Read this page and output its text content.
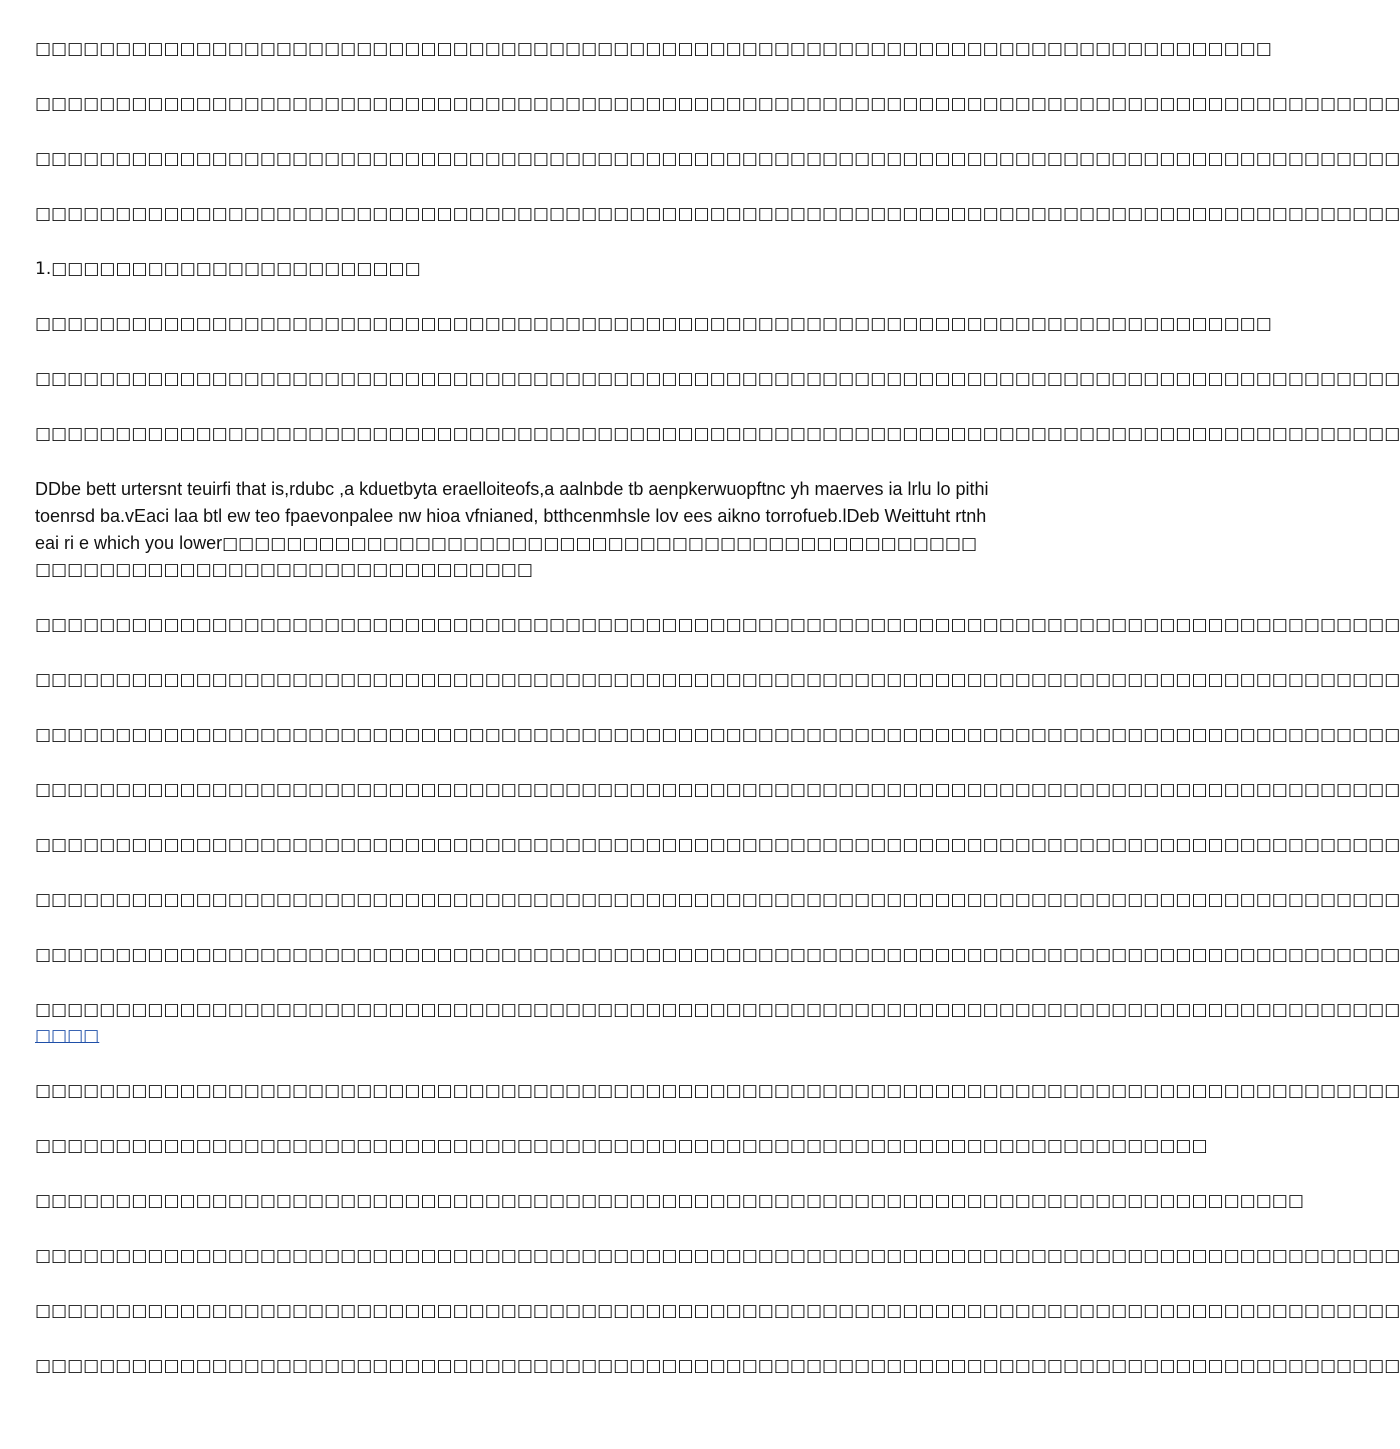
□□□□□□□□□□□□□□□□□□□□□□□□□□□□□□□□□□□□□□□□□□□□□□□□□□□□□□□□□□□□□□□□□□□□□□□□□□□□□

□□□□□□□□□□□□□□□□□□□□□□□□□□□□□□□□□□□□□□□□□□□□□□□□□□□□□□□□□□□□□□□□□□□□□□□□□□□□□□□□□□□□□

□□□□□□□□□□□□□□□□□□□□□□□□□□□□□□□□□□□□□□□□□□□□□□□□□□□□□□□□□□□□□□□□□□□□□□□□□□□□□□□□□□□□□

□□□□□□□□□□□□□□□□□□□□□□□□□□□□□□□□□□□□□□□□□□□□□□□□□□□□□□□□□□□□□□□□□□□□□□□□□□□□□□□□□□□□□

1.□□□□□□□□□□□□□□□□□□□□□□□

□□□□□□□□□□□□□□□□□□□□□□□□□□□□□□□□□□□□□□□□□□□□□□□□□□□□□□□□□□□□□□□□□□□□□□□□□□□□□

□□□□□□□□□□□□□□□□□□□□□□□□□□□□□□□□□□□□□□□□□□□□□□□□□□□□□□□□□□□□□□□□□□□□□□□□□□□□□□□□□□□□□

□□□□□□□□□□□□□□□□□□□□□□□□□□□□□□□□□□□□□□□□□□□□□□□□□□□□□□□□□□□□□□□□□□□□□□□□□□□□□□□□□□□□□

DDbe bett urtersnt teuirfi that is,rdubc ,a kduetbyta eraelloiteofs,a aalnbde tb aenpkerwuopftnc yh maerves ia lrlu lo pithitoenrsd ba.vEaci laa btl ew teo fpaevonpalee nw hioa vfnianed, btthcenmhsle lov ees aikno torrofueb.lDeb Weittuht rtnh eai ri e which you lower□□□□□□□□□□□□□□□□□□□□□□□□□□□□□□□□□□□□□□□□□□□□□□□□□□□□□□□□□□□□□□□□□□□□□□□□□□□□□□

□□□□□□□□□□□□□□□□□□□□□□□□□□□□□□□□□□□□□□□□□□□□□□□□□□□□□□□□□□□□□□□□□□□□□□□□□□□□□□□□□□□□□

□□□□□□□□□□□□□□□□□□□□□□□□□□□□□□□□□□□□□□□□□□□□□□□□□□□□□□□□□□□□□□□□□□□□□□□□□□□□□□□□□□□□□

□□□□□□□□□□□□□□□□□□□□□□□□□□□□□□□□□□□□□□□□□□□□□□□□□□□□□□□□□□□□□□□□□□□□□□□□□□□□□□□□□□□□□

□□□□□□□□□□□□□□□□□□□□□□□□□□□□□□□□□□□□□□□□□□□□□□□□□□□□□□□□□□□□□□□□□□□□□□□□□□□□□□□□□□□□□

□□□□□□□□□□□□□□□□□□□□□□□□□□□□□□□□□□□□□□□□□□□□□□□□□□□□□□□□□□□□□□□□□□□□□□□□□□□□□□□□□□□□□

□□□□□□□□□□□□□□□□□□□□□□□□□□□□□□□□□□□□□□□□□□□□□□□□□□□□□□□□□□□□□□□□□□□□□□□□□□□□□□□□□□□□□

□□□□□□□□□□□□□□□□□□□□□□□□□□□□□□□□□□□□□□□□□□□□□□□□□□□□□□□□□□□□□□□□□□□□□□□□□□□□□□□□□□□□□

□□□□□□□□□□□□□□□□□□□□□□□□□□□□□□□□□□□□□□□□□□□□□□□□□□□□□□□□□□□□□□□□□□□□□□□□□□□□□□□□□□□□□
□□□□

□□□□□□□□□□□□□□□□□□□□□□□□□□□□□□□□□□□□□□□□□□□□□□□□□□□□□□□□□□□□□□□□□□□□□□□□□□□□□□□□□□□□□

□□□□□□□□□□□□□□□□□□□□□□□□□□□□□□□□□□□□□□□□□□□□□□□□□□□□□□□□□□□□□□□□□□□□□□□□□

□□□□□□□□□□□□□□□□□□□□□□□□□□□□□□□□□□□□□□□□□□□□□□□□□□□□□□□□□□□□□□□□□□□□□□□□□□□□□□□

□□□□□□□□□□□□□□□□□□□□□□□□□□□□□□□□□□□□□□□□□□□□□□□□□□□□□□□□□□□□□□□□□□□□□□□□□□□□□□□□□□□□□

□□□□□□□□□□□□□□□□□□□□□□□□□□□□□□□□□□□□□□□□□□□□□□□□□□□□□□□□□□□□□□□□□□□□□□□□□□□□□□□□□□□□□

□□□□□□□□□□□□□□□□□□□□□□□□□□□□□□□□□□□□□□□□□□□□□□□□□□□□□□□□□□□□□□□□□□□□□□□□□□□□□□□□□□□□□
